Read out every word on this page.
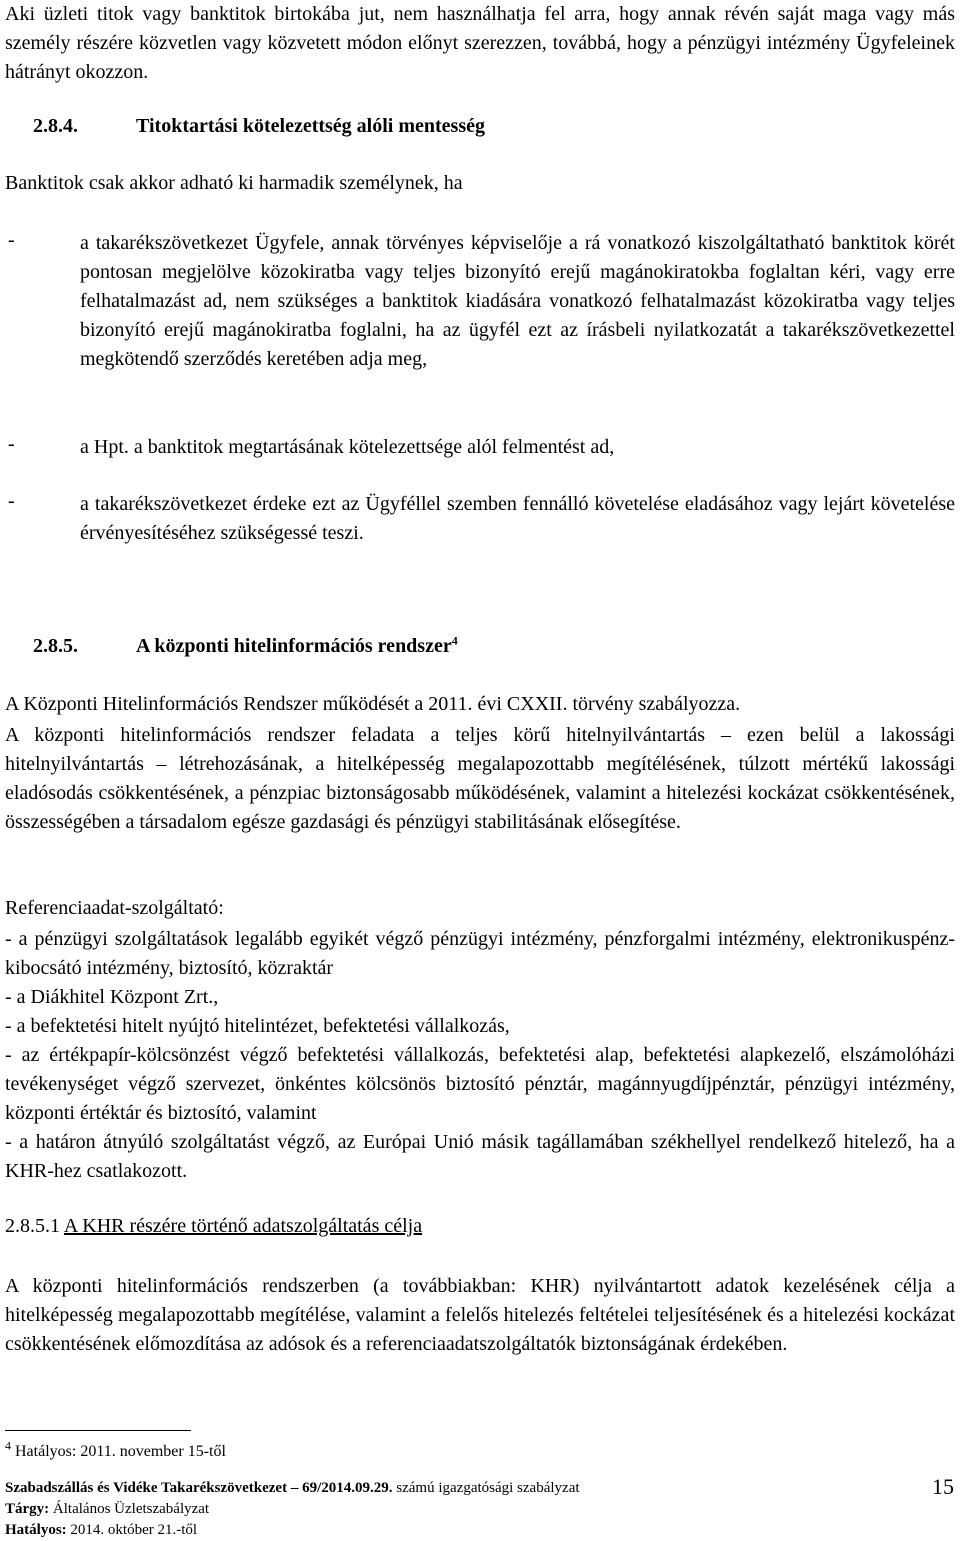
Aki üzleti titok vagy banktitok birtokába jut, nem használhatja fel arra, hogy annak révén saját maga vagy más személy részére közvetlen vagy közvetett módon előnyt szerezzen, továbbá, hogy a pénzügyi intézmény Ügyfeleinek hátrányt okozzon.

2.8.4.	Titoktartási kötelezettség alóli mentesség

Banktitok csak akkor adható ki harmadik személynek, ha

-	a takarékszövetkezet Ügyfele, annak törvényes képviselője a rá vonatkozó kiszolgáltatható banktitok körét pontosan megjelölve közokiratba vagy teljes bizonyító erejű magánokiratokba foglaltan kéri, vagy erre felhatalmazást ad, nem szükséges a banktitok kiadására vonatkozó felhatalmazást közokiratba vagy teljes bizonyító erejű magánokiratba foglalni, ha az ügyfél ezt az írásbeli nyilatkozatát a takarékszövetkezettel megkötendő szerződés keretében adja meg,
-	a Hpt. a banktitok megtartásának kötelezettsége alól felmentést ad,
-	a takarékszövetkezet érdeke ezt az Ügyféllel szemben fennálló követelése eladásához vagy lejárt követelése érvényesítéséhez szükségessé teszi.
2.8.5.	A központi hitelinformációs rendszer$^4$

A Központi Hitelinformációs Rendszer működését a 2011. évi CXXII. törvény szabályozza.

A központi hitelinformációs rendszer feladata a teljes körű hitelnyilvántartás – ezen belül a lakossági hitelnyilvántartás – létrehozásának, a hitelképesség megalapozottabb megítélésének, túlzott mértékű lakossági eladósodás csökkentésének, a pénzpiac biztonságosabb működésének, valamint a hitelezési kockázat csökkentésének, összességében a társadalom egésze gazdasági és pénzügyi stabilitásának elősegítése.

Referenciaadat-szolgáltató:

- a pénzügyi szolgáltatások legalább egyikét végző pénzügyi intézmény, pénzforgalmi intézmény, elektronikuspénz-kibocsátó intézmény, biztosító, közraktár
- a Diákhitel Központ Zrt.,
- a befektetési hitelt nyújtó hitelintézet, befektetési vállalkozás,
- az értékpapír-kölcsönzést végző befektetési vállalkozás, befektetési alap, befektetési alapkezelő, elszámolóházi tevékenységet végző szervezet, önkéntes kölcsönös biztosító pénztár, magánnyugdíjpénztár, pénzügyi intézmény, központi értéktár és biztosító, valamint
- a határon átnyúló szolgáltatást végző, az Európai Unió másik tagállamában székhellyel rendelkező hitelező, ha a KHR-hez csatlakozott.
2.8.5.1 A KHR részére történő adatszolgáltatás célja

A központi hitelinformációs rendszerben (a továbbiakban: KHR) nyilvántartott adatok kezelésének célja a hitelképesség megalapozottabb megítélése, valamint a felelős hitelezés feltételei teljesítésének és a hitelezési kockázat csökkentésének előmozdítása az adósok és a referenciaadatszolgáltatók biztonságának érdekében.

$^4$ Hatályos: 2011. november 15-től
Szabadszállás és Vidéke Takarékszövetkezet – 69/2014.09.29. számú igazgatósági szabályzat
Tárgy: Általános Üzletszabályzat
Hatályos: 2014. október 21.-től
15
